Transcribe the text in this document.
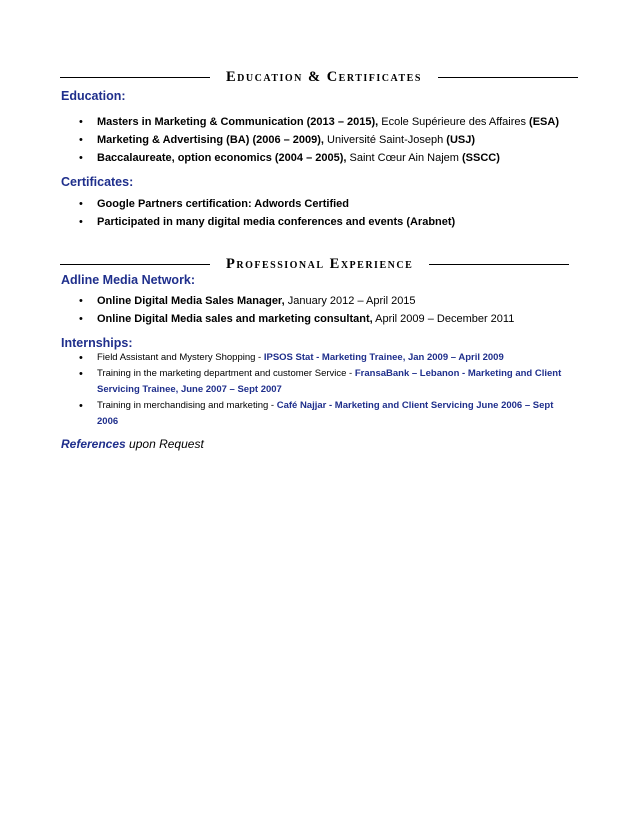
Education & Certificates
Education:
• Masters in Marketing & Communication (2013 – 2015), Ecole Supérieure des Affaires (ESA)
• Marketing & Advertising (BA) (2006 – 2009), Université Saint-Joseph (USJ)
• Baccalaureate, option economics (2004 – 2005), Saint Cœur Ain Najem (SSCC)
Certificates:
• Google Partners certification: Adwords Certified
• Participated in many digital media conferences and events (Arabnet)
Professional Experience
Adline Media Network:
• Online Digital Media Sales Manager, January 2012 – April 2015
• Online Digital Media sales and marketing consultant, April 2009 – December 2011
Internships:
• Field Assistant and Mystery Shopping - IPSOS Stat - Marketing Trainee, Jan 2009 – April 2009
• Training in the marketing department and customer Service - FransaBank – Lebanon - Marketing and Client Servicing Trainee, June 2007 – Sept 2007
• Training in merchandising and marketing - Café Najjar - Marketing and Client Servicing June 2006 – Sept 2006
References upon Request
